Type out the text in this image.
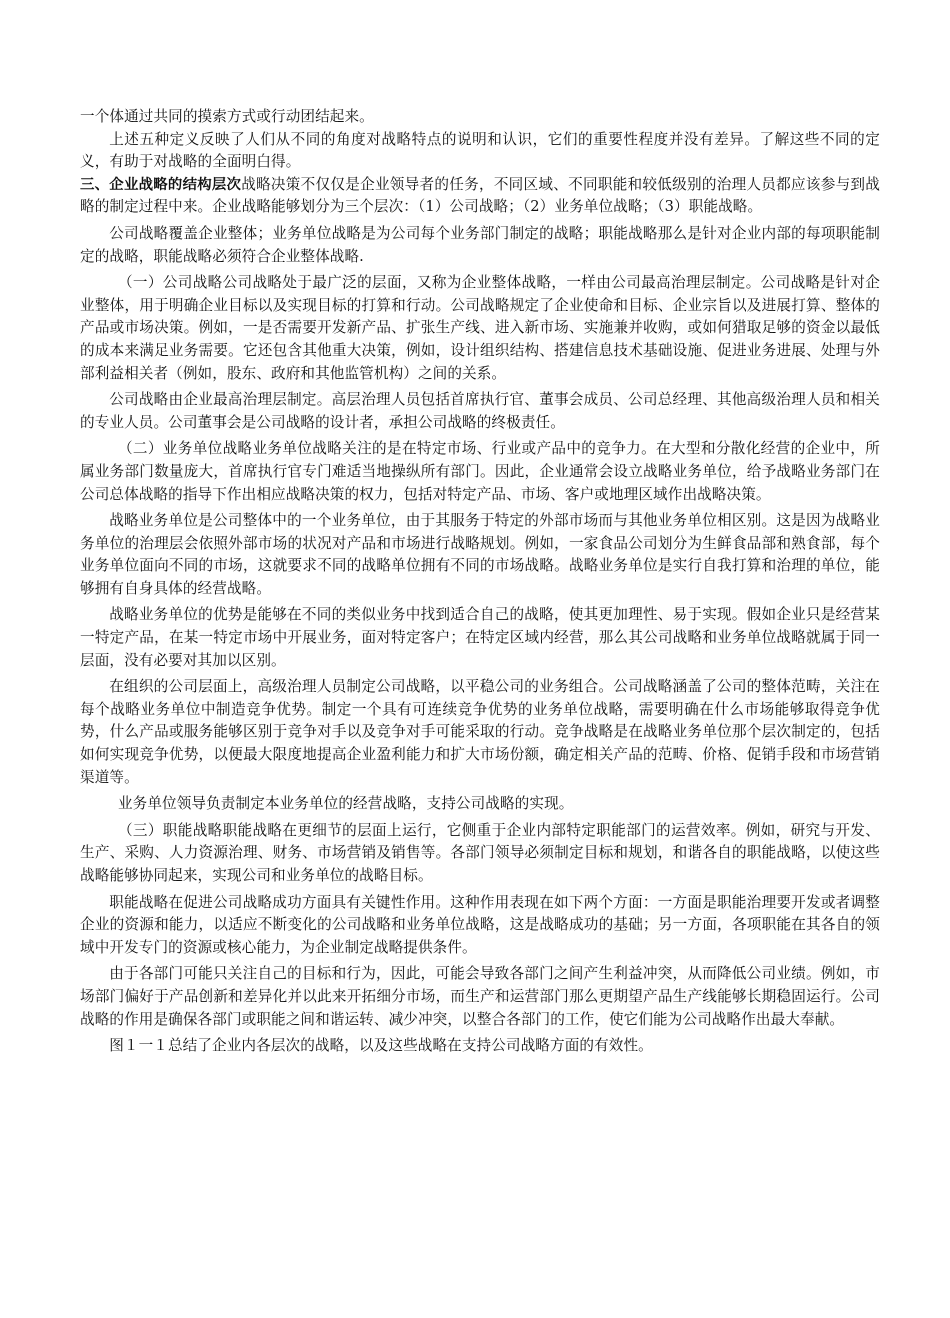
一个体通过共同的摸索方式或行动团结起来。

上述五种定义反映了人们从不同的角度对战略特点的说明和认识，它们的重要性程度并没有差异。了解这些不同的定义，有助于对战略的全面明白得。

三、企业战略的结构层次战略决策不仅仅是企业领导者的任务，不同区域、不同职能和较低级别的治理人员都应该参与到战略的制定过程中来。企业战略能够划分为三个层次：（1）公司战略；（2）业务单位战略；（3）职能战略。

公司战略覆盖企业整体；业务单位战略是为公司每个业务部门制定的战略；职能战略那么是针对企业内部的每项职能制定的战略，职能战略必须符合企业整体战略.

（一）公司战略公司战略处于最广泛的层面，又称为企业整体战略，一样由公司最高治理层制定。公司战略是针对企业整体，用于明确企业目标以及实现目标的打算和行动。公司战略规定了企业使命和目标、企业宗旨以及进展打算、整体的产品或市场决策。例如，一是否需要开发新产品、扩张生产线、进入新市场、实施兼并收购，或如何猎取足够的资金以最低的成本来满足业务需要。它还包含其他重大决策，例如，设计组织结构、搭建信息技术基础设施、促进业务进展、处理与外部利益相关者（例如，股东、政府和其他监管机构）之间的关系。

公司战略由企业最高治理层制定。高层治理人员包括首席执行官、董事会成员、公司总经理、其他高级治理人员和相关的专业人员。公司董事会是公司战略的设计者，承担公司战略的终极责任。

（二）业务单位战略业务单位战略关注的是在特定市场、行业或产品中的竞争力。在大型和分散化经营的企业中，所属业务部门数量庞大，首席执行官专门难适当地操纵所有部门。因此，企业通常会设立战略业务单位，给予战略业务部门在公司总体战略的指导下作出相应战略决策的权力，包括对特定产品、市场、客户或地理区域作出战略决策。

战略业务单位是公司整体中的一个业务单位，由于其服务于特定的外部市场而与其他业务单位相区别。这是因为战略业务单位的治理层会依照外部市场的状况对产品和市场进行战略规划。例如，一家食品公司划分为生鲜食品部和熟食部，每个业务单位面向不同的市场，这就要求不同的战略单位拥有不同的市场战略。战略业务单位是实行自我打算和治理的单位，能够拥有自身具体的经营战略。

战略业务单位的优势是能够在不同的类似业务中找到适合自己的战略，使其更加理性、易于实现。假如企业只是经营某一特定产品，在某一特定市场中开展业务，面对特定客户；在特定区域内经营，那么其公司战略和业务单位战略就属于同一层面，没有必要对其加以区别。

在组织的公司层面上，高级治理人员制定公司战略，以平稳公司的业务组合。公司战略涵盖了公司的整体范畴，关注在每个战略业务单位中制造竞争优势。制定一个具有可连续竞争优势的业务单位战略，需要明确在什么市场能够取得竞争优势，什么产品或服务能够区别于竞争对手以及竞争对手可能采取的行动。竞争战略是在战略业务单位那个层次制定的，包括如何实现竞争优势，以便最大限度地提高企业盈利能力和扩大市场份额，确定相关产品的范畴、价格、促销手段和市场营销渠道等。

业务单位领导负责制定本业务单位的经营战略，支持公司战略的实现。

（三）职能战略职能战略在更细节的层面上运行，它侧重于企业内部特定职能部门的运营效率。例如，研究与开发、生产、采购、人力资源治理、财务、市场营销及销售等。各部门领导必须制定目标和规划，和谐各自的职能战略，以使这些战略能够协同起来，实现公司和业务单位的战略目标。

职能战略在促进公司战略成功方面具有关键性作用。这种作用表现在如下两个方面：一方面是职能治理要开发或者调整企业的资源和能力，以适应不断变化的公司战略和业务单位战略，这是战略成功的基础；另一方面，各项职能在其各自的领域中开发专门的资源或核心能力，为企业制定战略提供条件。

由于各部门可能只关注自己的目标和行为，因此，可能会导致各部门之间产生利益冲突，从而降低公司业绩。例如，市场部门偏好于产品创新和差异化并以此来开拓细分市场，而生产和运营部门那么更期望产品生产线能够长期稳固运行。公司战略的作用是确保各部门或职能之间和谐运转、减少冲突，以整合各部门的工作，使它们能为公司战略作出最大奉献。

图１一１总结了企业内各层次的战略，以及这些战略在支持公司战略方面的有效性。
